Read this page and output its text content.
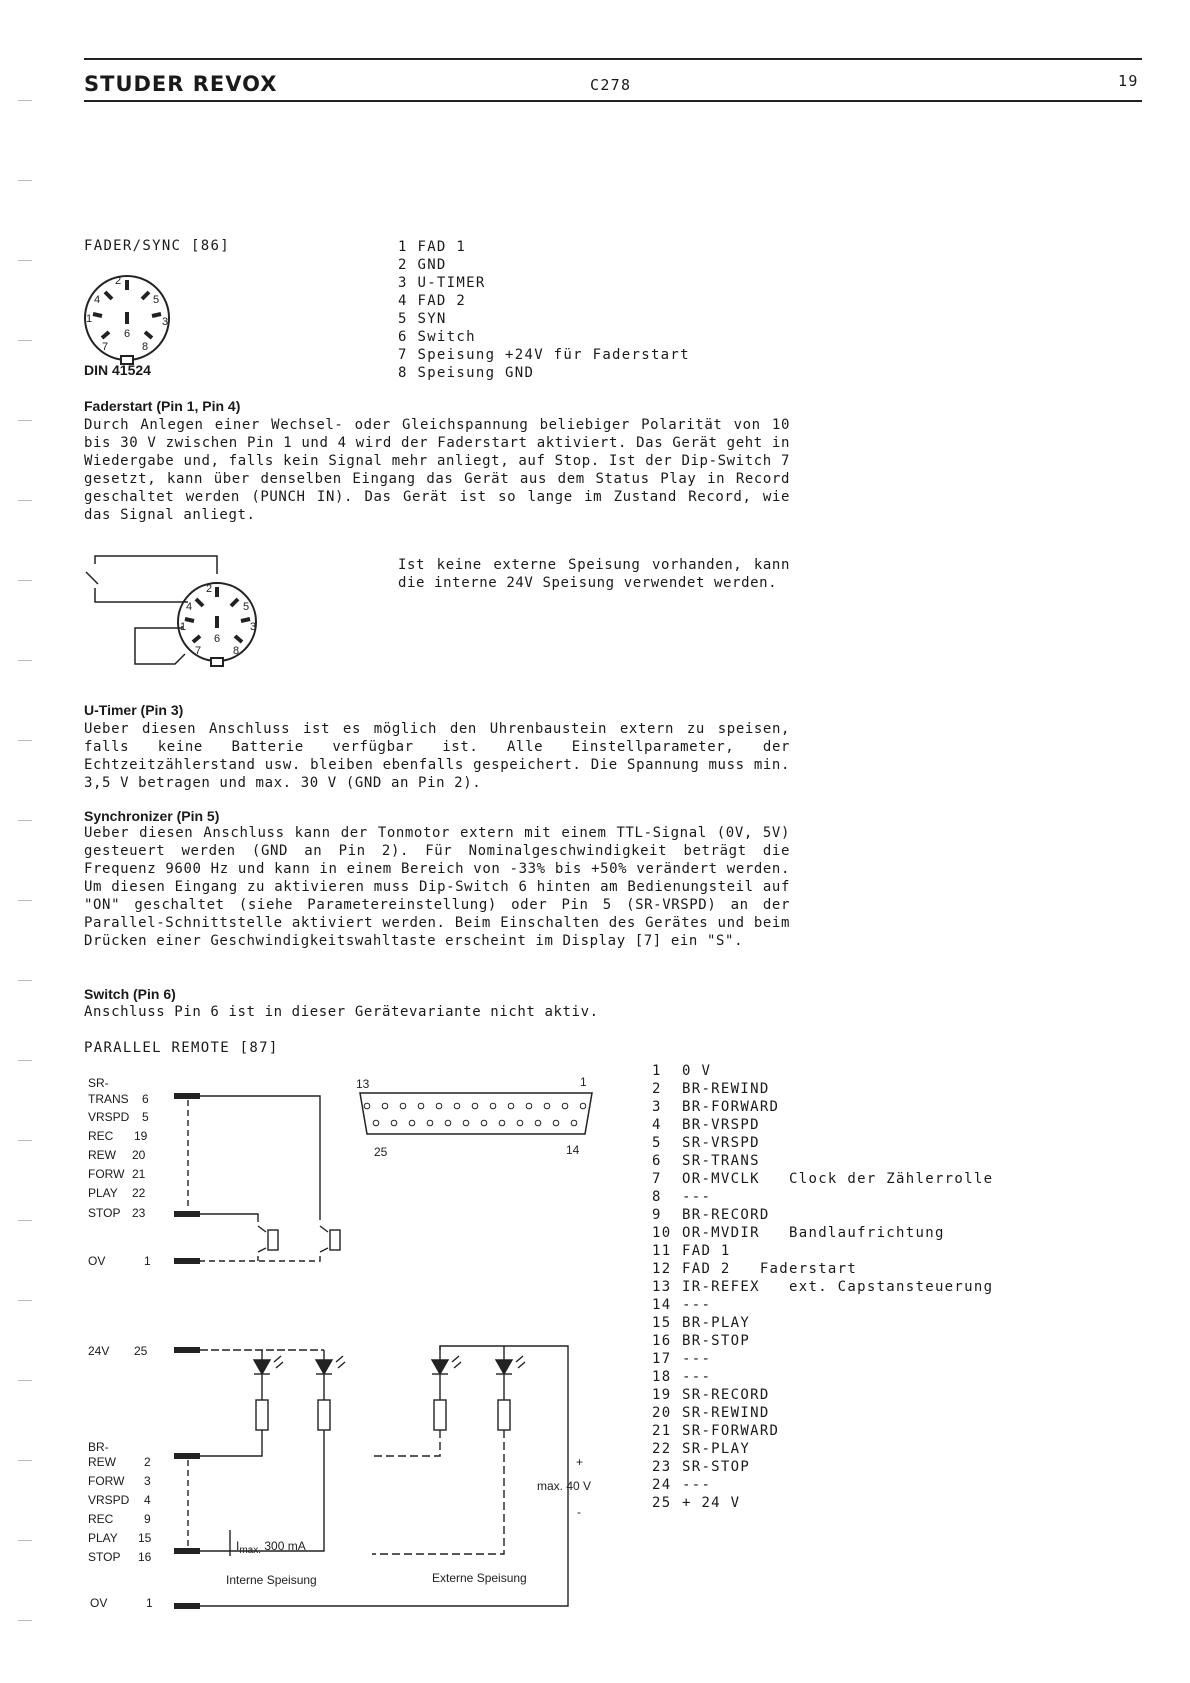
STUDER REVOX	C278	19
FADER/SYNC [86]
2
4	5
1	3
6
7	8
DIN 41524
1 FAD 1
2 GND
3 U-TIMER
4 FAD 2
5 SYN
6 Switch
7 Speisung +24V für Faderstart
8 Speisung GND
Faderstart (Pin 1, Pin 4)
Durch Anlegen einer Wechsel- oder Gleichspannung beliebiger Polarität von 10 bis 30 V zwischen Pin 1 und 4 wird der Faderstart aktiviert. Das Gerät geht in Wiedergabe und, falls kein Signal mehr anliegt, auf Stop. Ist der Dip-Switch 7 gesetzt, kann über denselben Eingang das Gerät aus dem Status Play in Record geschaltet werden (PUNCH IN). Das Gerät ist so lange im Zustand Record, wie das Signal anliegt.
2
4	5
1	3
6
7	8
Ist keine externe Speisung vorhanden, kann die interne 24V Speisung verwendet werden.
U-Timer (Pin 3)
Ueber diesen Anschluss ist es möglich den Uhrenbaustein extern zu speisen, falls keine Batterie verfügbar ist. Alle Einstellparameter, der Echtzeitzählerstand usw. bleiben ebenfalls gespeichert. Die Spannung muss min. 3,5 V betragen und max. 30 V (GND an Pin 2).
Synchronizer (Pin 5)
Ueber diesen Anschluss kann der Tonmotor extern mit einem TTL-Signal (0V, 5V) gesteuert werden (GND an Pin 2). Für Nominalgeschwindigkeit beträgt die Frequenz 9600 Hz und kann in einem Bereich von -33% bis +50% verändert werden. Um diesen Eingang zu aktivieren muss Dip-Switch 6 hinten am Bedienungsteil auf "ON" geschaltet (siehe Parametereinstellung) oder Pin 5 (SR-VRSPD) an der Parallel-Schnittstelle aktiviert werden. Beim Einschalten des Gerätes und beim Drücken einer Geschwindigkeitswahltaste erscheint im Display [7] ein "S".
Switch (Pin 6)
Anschluss Pin 6 ist in dieser Gerätevariante nicht aktiv.
PARALLEL REMOTE [87]
SR-
TRANS 6
VRSPD 5
REC 19
REW 20
FORW 21
PLAY 22
STOP 23
OV	1
24V 25
BR-
REW 2
FORW 3
VRSPD 4
REC	9
PLAY 15
STOP 16
OV	1
13	1
25	14
$I_{max.}$ 300 mA
+
max. 40 V
-
Interne Speisung	Externe Speisung
1 0 V
2 BR-REWIND
3 BR-FORWARD
4 BR-VRSPD
5 SR-VRSPD
6 SR-TRANS
7 OR-MVCLK   Clock der Zählerrolle
8 ---
9 BR-RECORD
10 OR-MVDIR   Bandlaufrichtung
11 FAD 1
12 FAD 2   Faderstart
13 IR-REFEX   ext. Capstansteuerung
14 ---
15 BR-PLAY
16 BR-STOP
17 ---
18 ---
19 SR-RECORD
20 SR-REWIND
21 SR-FORWARD
22 SR-PLAY
23 SR-STOP
24 ---
25 + 24 V
